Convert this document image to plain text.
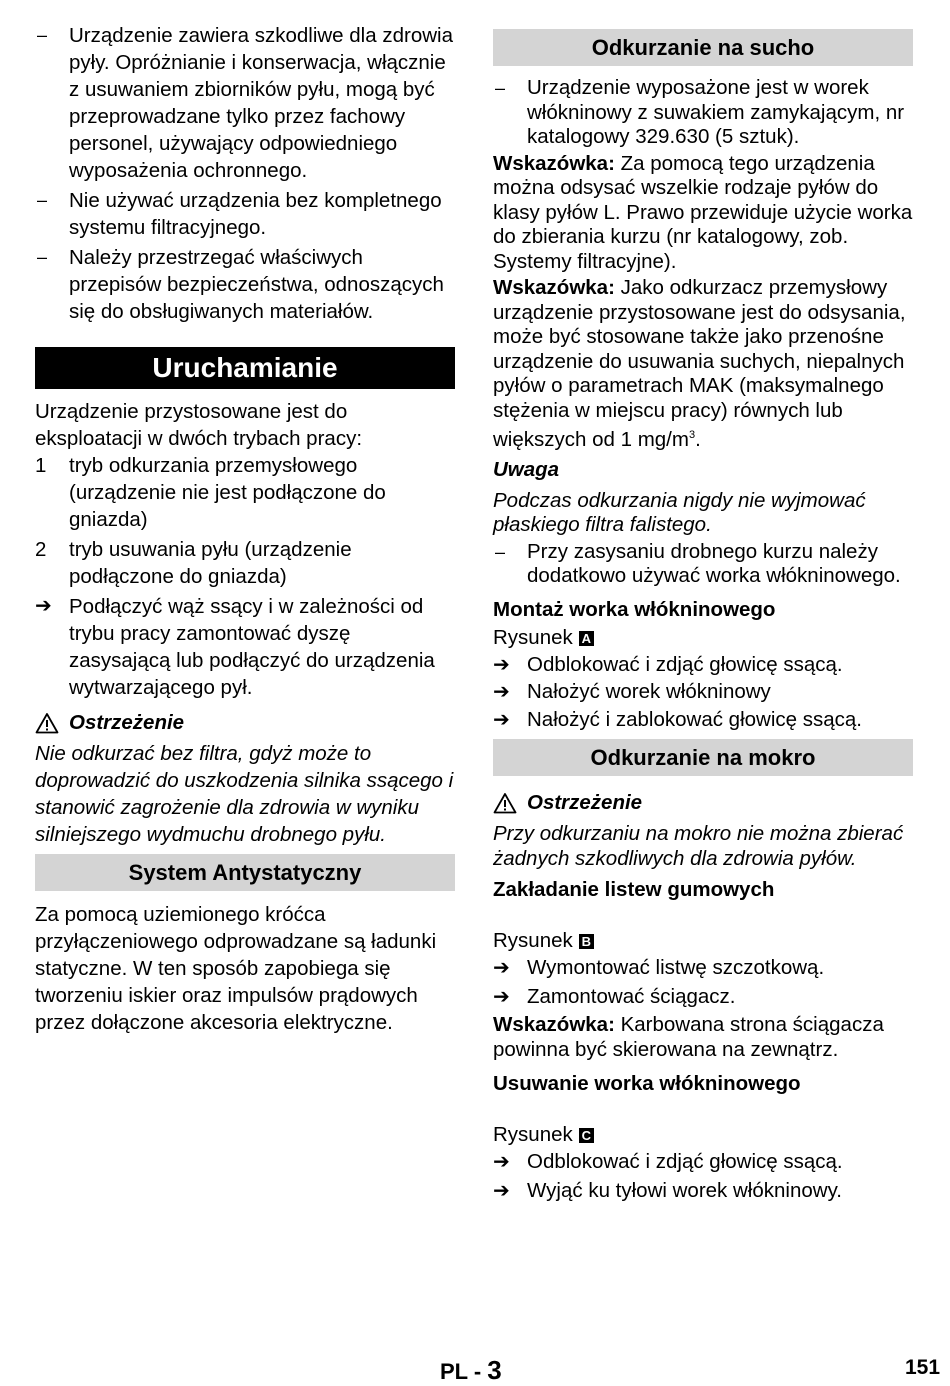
–	Urządzenie zawiera szkodliwe dla zdrowia pyły. Opróżnianie i konserwacja, włącznie z usuwaniem zbiorników pyłu, mogą być przeprowadzane tylko przez fachowy personel, używający odpowiedniego wyposażenia ochronnego.
–	Nie używać urządzenia bez kompletnego systemu filtracyjnego.
–	Należy przestrzegać właściwych przepisów bezpieczeństwa, odnoszących się do obsługiwanych materiałów.
Uruchamianie

Urządzenie przystosowane jest do eksploatacji w dwóch trybach pracy:

1	tryb odkurzania przemysłowego (urządzenie nie jest podłączone do gniazda)
2	tryb usuwania pyłu (urządzenie podłączone do gniazda)
➔ Podłączyć wąż ssący i w zależności od trybu pracy zamontować dyszę zasysającą lub podłączyć do urządzenia wytwarzającego pył.
Ostrzeżenie

Nie odkurzać bez filtra, gdyż może to doprowadzić do uszkodzenia silnika ssącego i stanowić zagrożenie dla zdrowia w wyniku silniejszego wydmuchu drobnego pyłu.

System Antystatyczny

Za pomocą uziemionego króćca przyłączeniowego odprowadzane są ładunki statyczne. W ten sposób zapobiega się tworzeniu iskier oraz impulsów prądowych przez dołączone akcesoria elektryczne.

Odkurzanie na sucho
– Urządzenie wyposażone jest w worek włókninowy z suwakiem zamykającym, nr katalogowy 329.630 (5 sztuk).

Wskazówka: Za pomocą tego urządzenia można odsysać wszelkie rodzaje pyłów do klasy pyłów L. Prawo przewiduje użycie worka do zbierania kurzu (nr katalogowy, zob. Systemy filtracyjne).

Wskazówka: Jako odkurzacz przemysłowy urządzenie przystosowane jest do odsysania, może być stosowane także jako przenośne urządzenie do usuwania suchych, niepalnych pyłów o parametrach MAK (maksymalnego stężenia w miejscu pracy) równych lub większych od 1 $mg/m^3$.

Uwaga

Podczas odkurzania nigdy nie wyjmować płaskiego filtra falistego.

– Przy zasysaniu drobnego kurzu należy dodatkowo używać worka włókninowego.

Montaż worka włókninowego

Rysunek A

➔ Odblokować i zdjąć głowicę ssącą.
➔ Nałożyć worek włókninowy
➔ Nałożyć i zablokować głowicę ssącą.
Odkurzanie na mokro
Ostrzeżenie

Przy odkurzaniu na mokro nie można zbierać żadnych szkodliwych dla zdrowia pyłów.

Zakładanie listew gumowych

Rysunek B

➔ Wymontować listwę szczotkową.
➔ Zamontować ściągacz.

Wskazówka: Karbowana strona ściągacza powinna być skierowana na zewnątrz.

Usuwanie worka włókninowego

Rysunek C

➔ Odblokować i zdjąć głowicę ssącą.
➔ Wyjąć ku tyłowi worek włókninowy.
PL - 3	151
